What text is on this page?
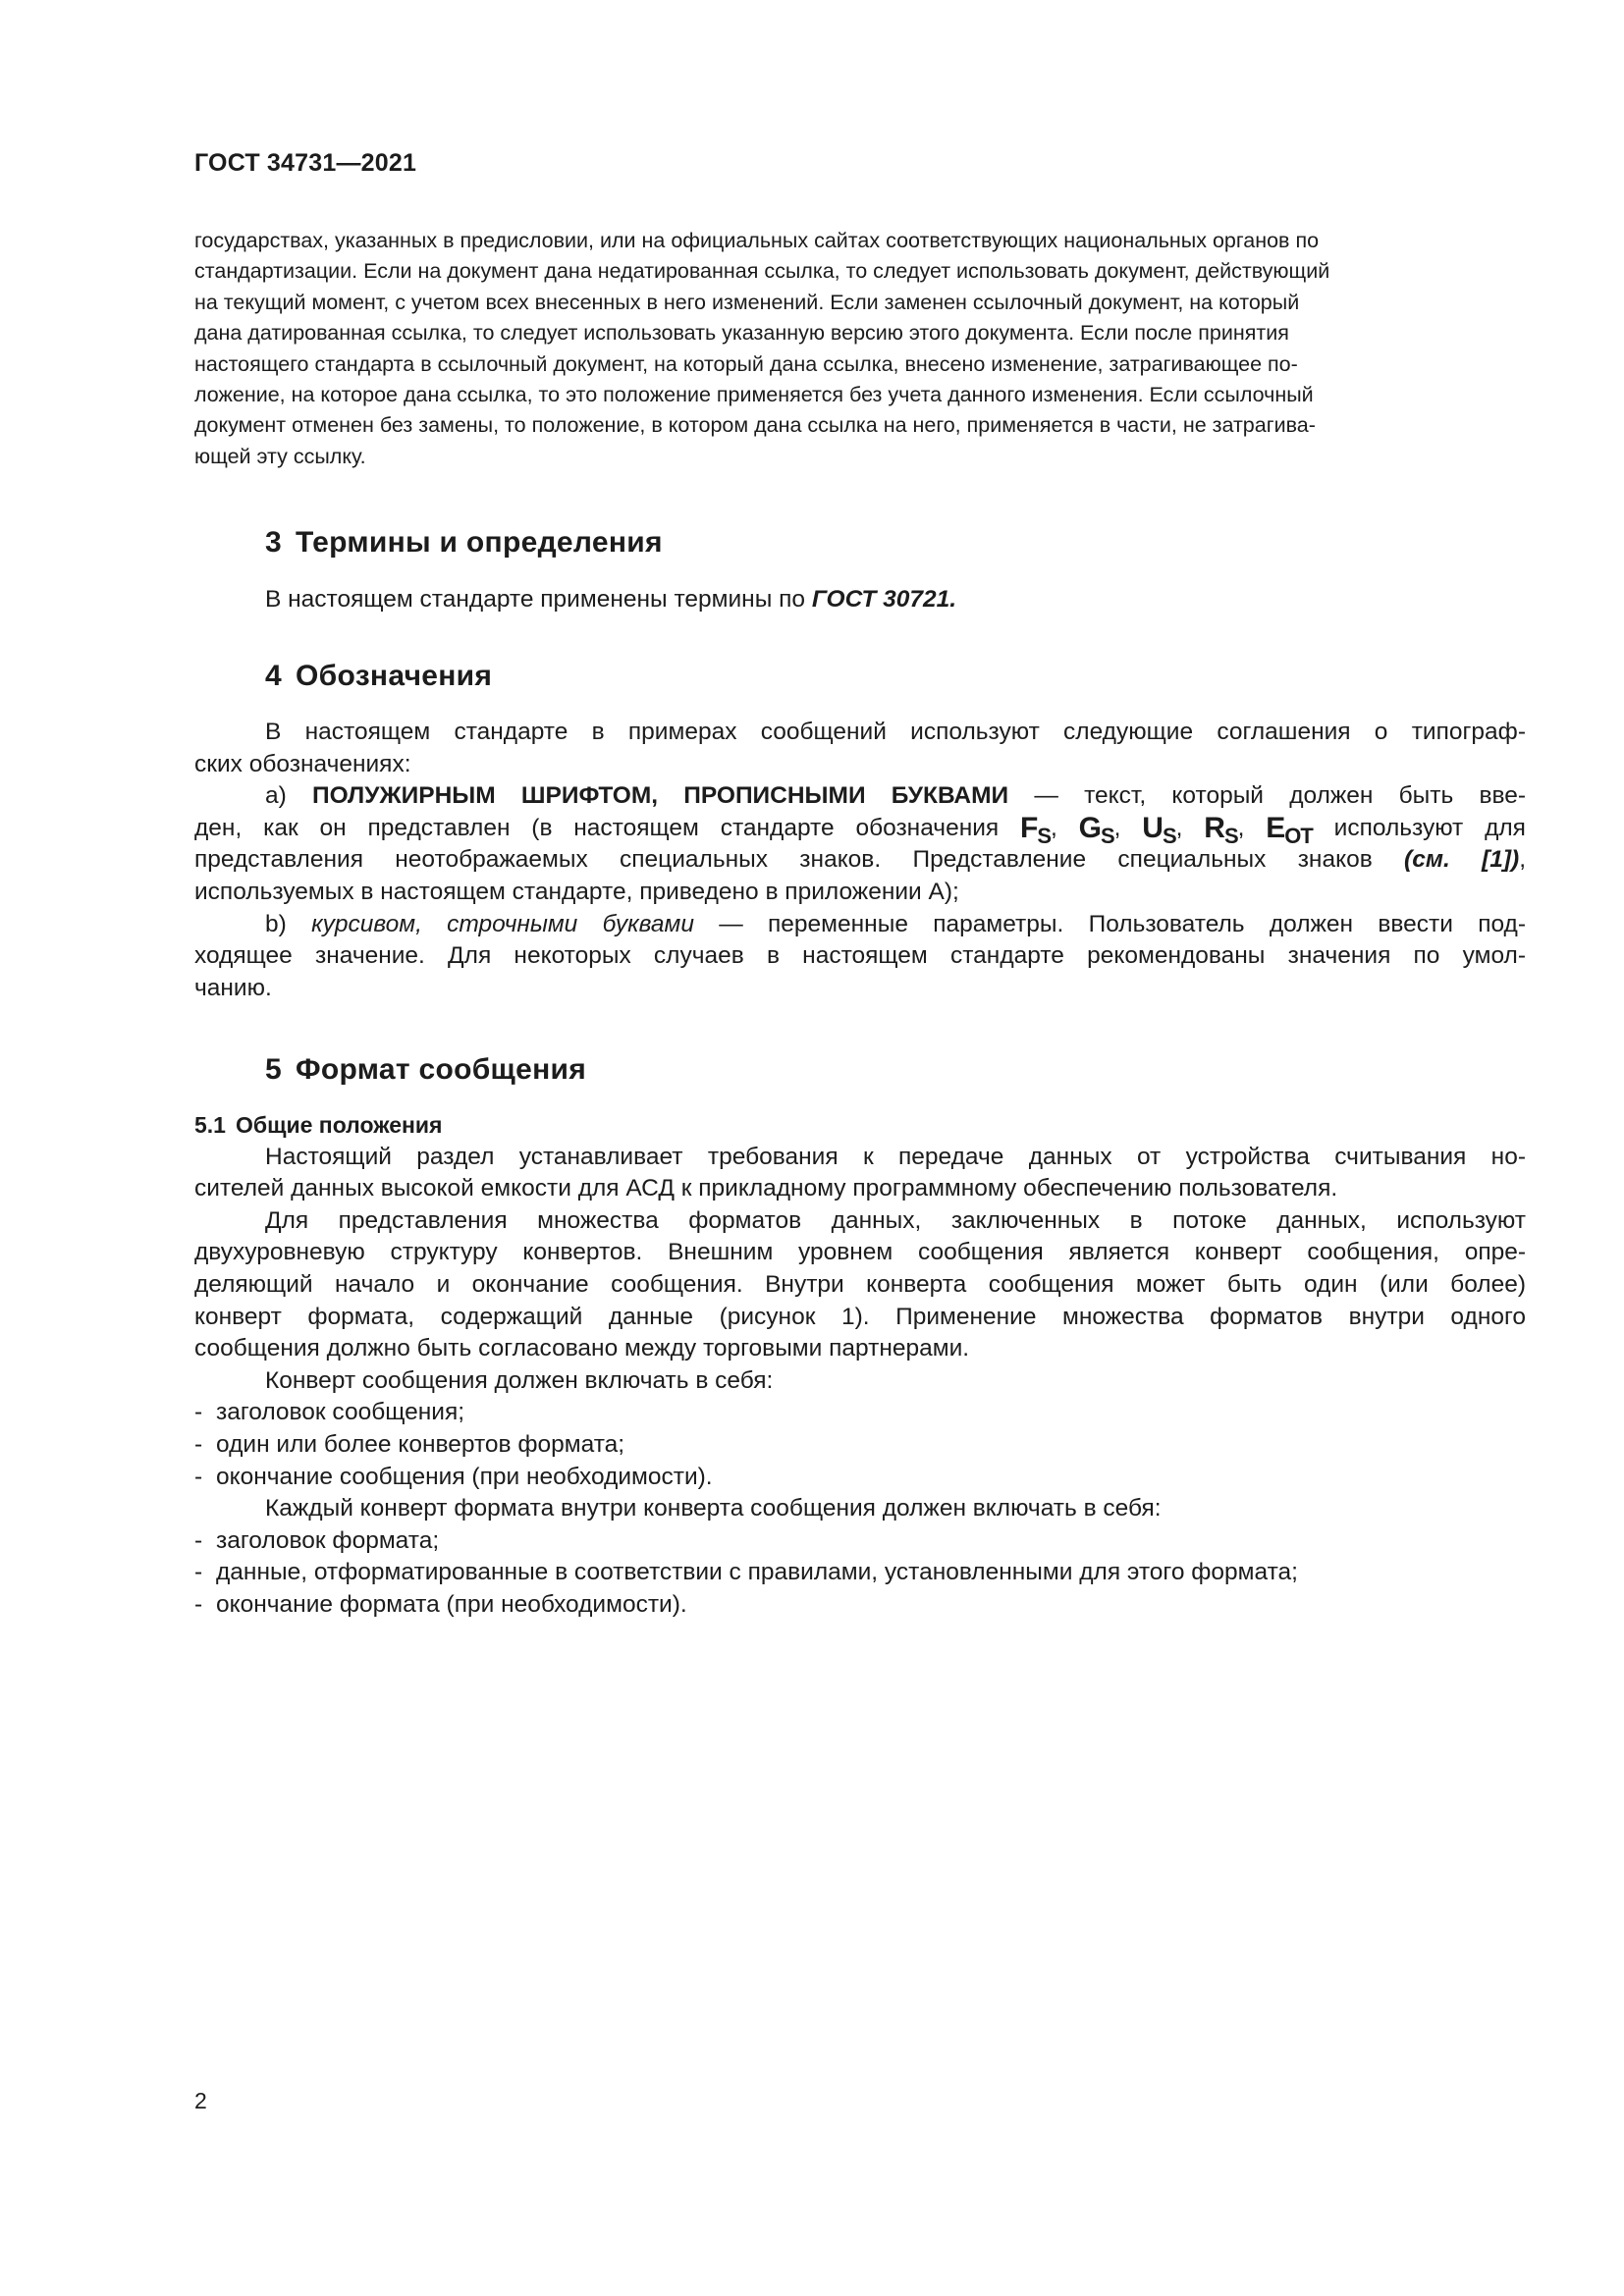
ГОСТ 34731—2021
государствах, указанных в предисловии, или на официальных сайтах соответствующих национальных органов по
стандартизации. Если на документ дана недатированная ссылка, то следует использовать документ, действующий
на текущий момент, с учетом всех внесенных в него изменений. Если заменен ссылочный документ, на который
дана датированная ссылка, то следует использовать указанную версию этого документа. Если после принятия
настоящего стандарта в ссылочный документ, на который дана ссылка, внесено изменение, затрагивающее по-
ложение, на которое дана ссылка, то это положение применяется без учета данного изменения. Если ссылочный
документ отменен без замены, то положение, в котором дана ссылка на него, применяется в части, не затрагива-
ющей эту ссылку.
3 Термины и определения

В настоящем стандарте применены термины по ГОСТ 30721.

4 Обозначения

В настоящем стандарте в примерах сообщений используют следующие соглашения о типограф-

ских обозначениях:

a) ПОЛУЖИРНЫМ ШРИФТОМ, ПРОПИСНЫМИ БУКВАМИ — текст, который должен быть вве-

ден, как он представлен (в настоящем стандарте обозначения $F_S$, $G_S$, $U_S$, $R_S$, $E_{OT}$ используют для

представления неотображаемых специальных знаков. Представление специальных знаков (см. [1]),

используемых в настоящем стандарте, приведено в приложении А);

b) курсивом, строчными буквами — переменные параметры. Пользователь должен ввести под-

ходящее значение. Для некоторых случаев в настоящем стандарте рекомендованы значения по умол-

чанию.

5 Формат сообщения

5.1 Общие положения

Настоящий раздел устанавливает требования к передаче данных от устройства считывания но-

сителей данных высокой емкости для АСД к прикладному программному обеспечению пользователя.

Для представления множества форматов данных, заключенных в потоке данных, используют

двухуровневую структуру конвертов. Внешним уровнем сообщения является конверт сообщения, опре-

деляющий начало и окончание сообщения. Внутри конверта сообщения может быть один (или более)

конверт формата, содержащий данные (рисунок 1). Применение множества форматов внутри одного

сообщения должно быть согласовано между торговыми партнерами.

Конверт сообщения должен включать в себя:

- заголовок сообщения;

- один или более конвертов формата;

- окончание сообщения (при необходимости).

Каждый конверт формата внутри конверта сообщения должен включать в себя:

- заголовок формата;

- данные, отформатированные в соответствии с правилами, установленными для этого формата;

- окончание формата (при необходимости).

2
